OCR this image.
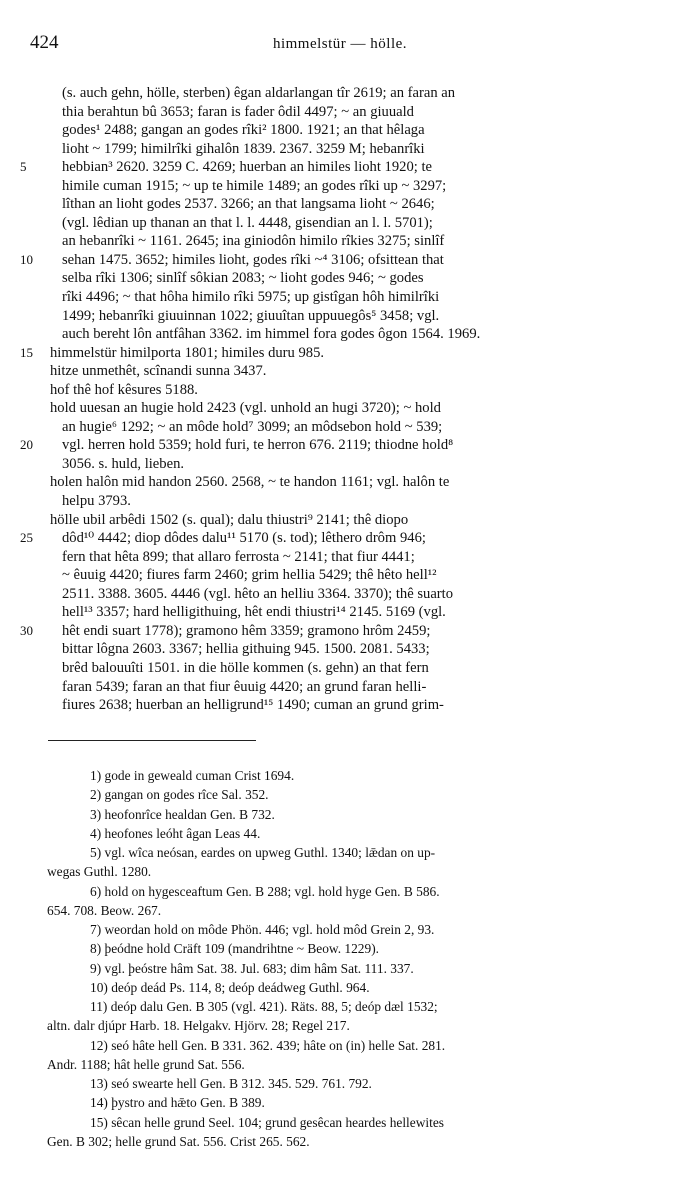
424	himmelstür — hölle.
(s. auch gehn, hölle, sterben) êgan aldarlangan tîr 2619; an faran an
thia berahtun bû 3653; faran is fader ôdil 4497; ~ an giuuald
godes¹ 2488; gangan an godes rîki² 1800. 1921; an that hêlaga
lioht ~ 1799; himilrîki gihalôn 1839. 2367. 3259 M; hebanrîki
5	hebbian³ 2620. 3259 C. 4269; huerban an himiles lioht 1920; te
himile cuman 1915; ~ up te himile 1489; an godes rîki up ~ 3297;
lîthan an lioht godes 2537. 3266; an that langsama lioht ~ 2646;
(vgl. lêdian up thanan an that l. l. 4448, gisendian an l. l. 5701);
an hebanrîki ~ 1161. 2645; ina giniodôn himilo rîkies 3275; sinlîf
10	sehan 1475. 3652; himiles lioht, godes rîki ~⁴ 3106; ofsittean that
selba rîki 1306; sinlîf sôkian 2083; ~ lioht godes 946; ~ godes
rîki 4496; ~ that hôha himilo rîki 5975; up gistîgan hôh himilrîki
1499; hebanrîki giuuinnan 1022; giuuîtan uppuuegôs⁵ 3458; vgl.
auch bereht lôn antfâhan 3362. im himmel fora godes ôgon 1564. 1969.
15	himmelstür himilporta 1801; himiles duru 985.
hitze unmethêt, scînandi sunna 3437.
hof thê hof kêsures 5188.
hold uuesan an hugie hold 2423 (vgl. unhold an hugi 3720); ~ hold
an hugie⁶ 1292; ~ an môde hold⁷ 3099; an môdsebon hold ~ 539;
20	vgl. herren hold 5359; hold furi, te herron 676. 2119; thiodne hold⁸
3056. s. huld, lieben.
holen halôn mid handon 2560. 2568, ~ te handon 1161; vgl. halôn te
helpu 3793.
hölle ubil arbêdi 1502 (s. qual); dalu thiustri⁹ 2141; thê diopo
25	dôd¹⁰ 4442; diop dôdes dalu¹¹ 5170 (s. tod); lêthero drôm 946;
fern that hêta 899; that allaro ferrosta ~ 2141; that fiur 4441;
~ êuuig 4420; fiures farm 2460; grim hellia 5429; thê hêto hell¹²
2511. 3388. 3605. 4446 (vgl. hêto an helliu 3364. 3370); thê suarto
hell¹³ 3357; hard helligithuing, hêt endi thiustri¹⁴ 2145. 5169 (vgl.
30	hêt endi suart 1778); gramono hêm 3359; gramono hrôm 2459;
bittar lôgna 2603. 3367; hellia githuing 945. 1500. 2081. 5433;
brêd balouuîti 1501. in die hölle kommen (s. gehn) an that fern
faran 5439; faran an that fiur êuuig 4420; an grund faran helli-
fiures 2638; huerban an helligrund¹⁵ 1490; cuman an grund grim-
1) gode in geweald cuman Crist 1694.
2) gangan on godes rîce Sal. 352.
3) heofonrîce healdan Gen. B 732.
4) heofones leóht âgan Leas 44.
5) vgl. wîca neósan, eardes on upweg Guthl. 1340; lǣdan on up-
wegas Guthl. 1280.
6) hold on hygesceaftum Gen. B 288; vgl. hold hyge Gen. B 586.
654. 708. Beow. 267.
7) weordan hold on môde Phön. 446; vgl. hold môd Grein 2, 93.
8) þeódne hold Cräft 109 (mandrihtne ~ Beow. 1229).
9) vgl. þeóstre hâm Sat. 38. Jul. 683; dim hâm Sat. 111. 337.
10) deóp deád Ps. 114, 8; deóp deádweg Guthl. 964.
11) deóp dalu Gen. B 305 (vgl. 421). Räts. 88, 5; deóp dæl 1532;
altn. dalr djúpr Harb. 18. Helgakv. Hjörv. 28; Regel 217.
12) seó hâte hell Gen. B 331. 362. 439; hâte on (in) helle Sat. 281.
Andr. 1188; hât helle grund Sat. 556.
13) seó swearte hell Gen. B 312. 345. 529. 761. 792.
14) þystro and hǣto Gen. B 389.
15) sêcan helle grund Seel. 104; grund gesêcan heardes hellewites
Gen. B 302; helle grund Sat. 556. Crist 265. 562.
